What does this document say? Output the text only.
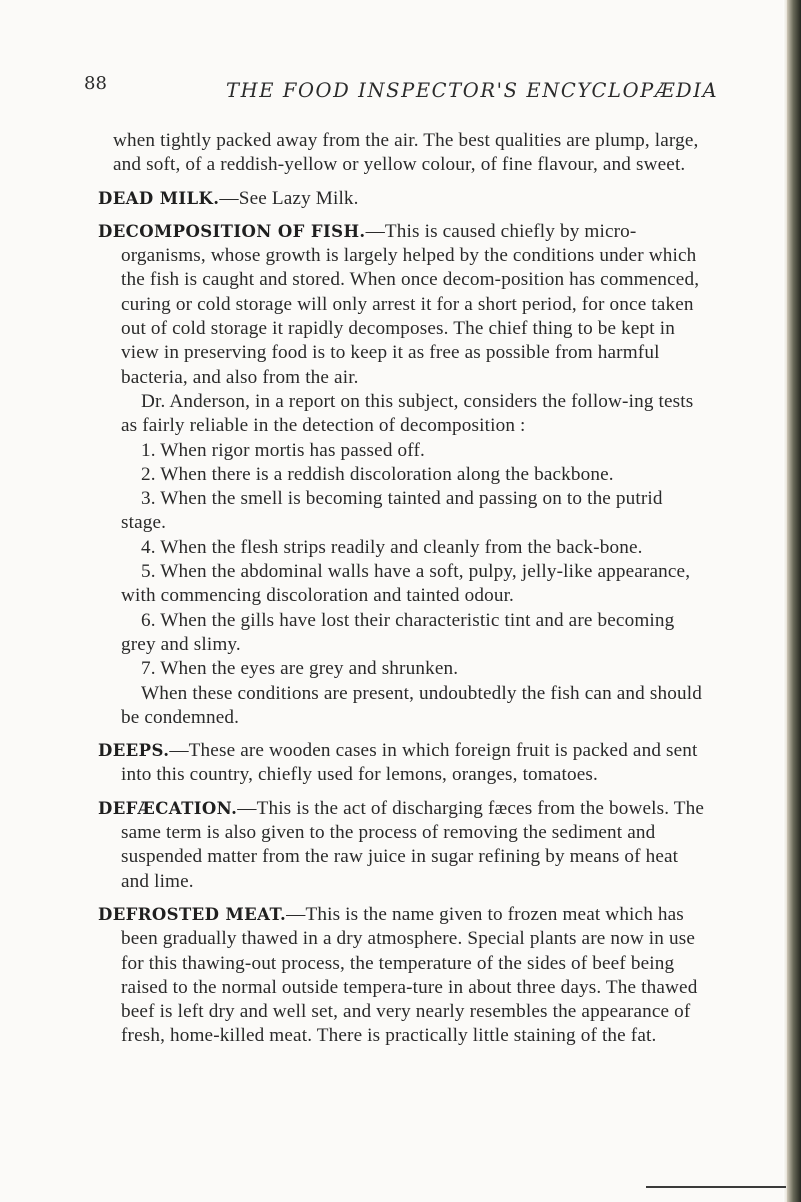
88	THE FOOD INSPECTOR'S ENCYCLOPÆDIA

when tightly packed away from the air. The best qualities are plump, large, and soft, of a reddish-yellow or yellow colour, of fine flavour, and sweet.

DEAD MILK.—See Lazy Milk.

DECOMPOSITION OF FISH.—This is caused chiefly by micro-organisms, whose growth is largely helped by the conditions under which the fish is caught and stored. When once decom-position has commenced, curing or cold storage will only arrest it for a short period, for once taken out of cold storage it rapidly decomposes. The chief thing to be kept in view in preserving food is to keep it as free as possible from harmful bacteria, and also from the air.

Dr. Anderson, in a report on this subject, considers the follow-ing tests as fairly reliable in the detection of decomposition :

1. When rigor mortis has passed off.

2. When there is a reddish discoloration along the backbone.

3. When the smell is becoming tainted and passing on to the putrid stage.

4. When the flesh strips readily and cleanly from the back-bone.

5. When the abdominal walls have a soft, pulpy, jelly-like appearance, with commencing discoloration and tainted odour.

6. When the gills have lost their characteristic tint and are becoming grey and slimy.

7. When the eyes are grey and shrunken.

When these conditions are present, undoubtedly the fish can and should be condemned.

DEEPS.—These are wooden cases in which foreign fruit is packed and sent into this country, chiefly used for lemons, oranges, tomatoes.

DEFÆCATION.—This is the act of discharging fæces from the bowels. The same term is also given to the process of removing the sediment and suspended matter from the raw juice in sugar refining by means of heat and lime.

DEFROSTED MEAT.—This is the name given to frozen meat which has been gradually thawed in a dry atmosphere. Special plants are now in use for this thawing-out process, the temperature of the sides of beef being raised to the normal outside tempera-ture in about three days. The thawed beef is left dry and well set, and very nearly resembles the appearance of fresh, home-killed meat. There is practically little staining of the fat.
